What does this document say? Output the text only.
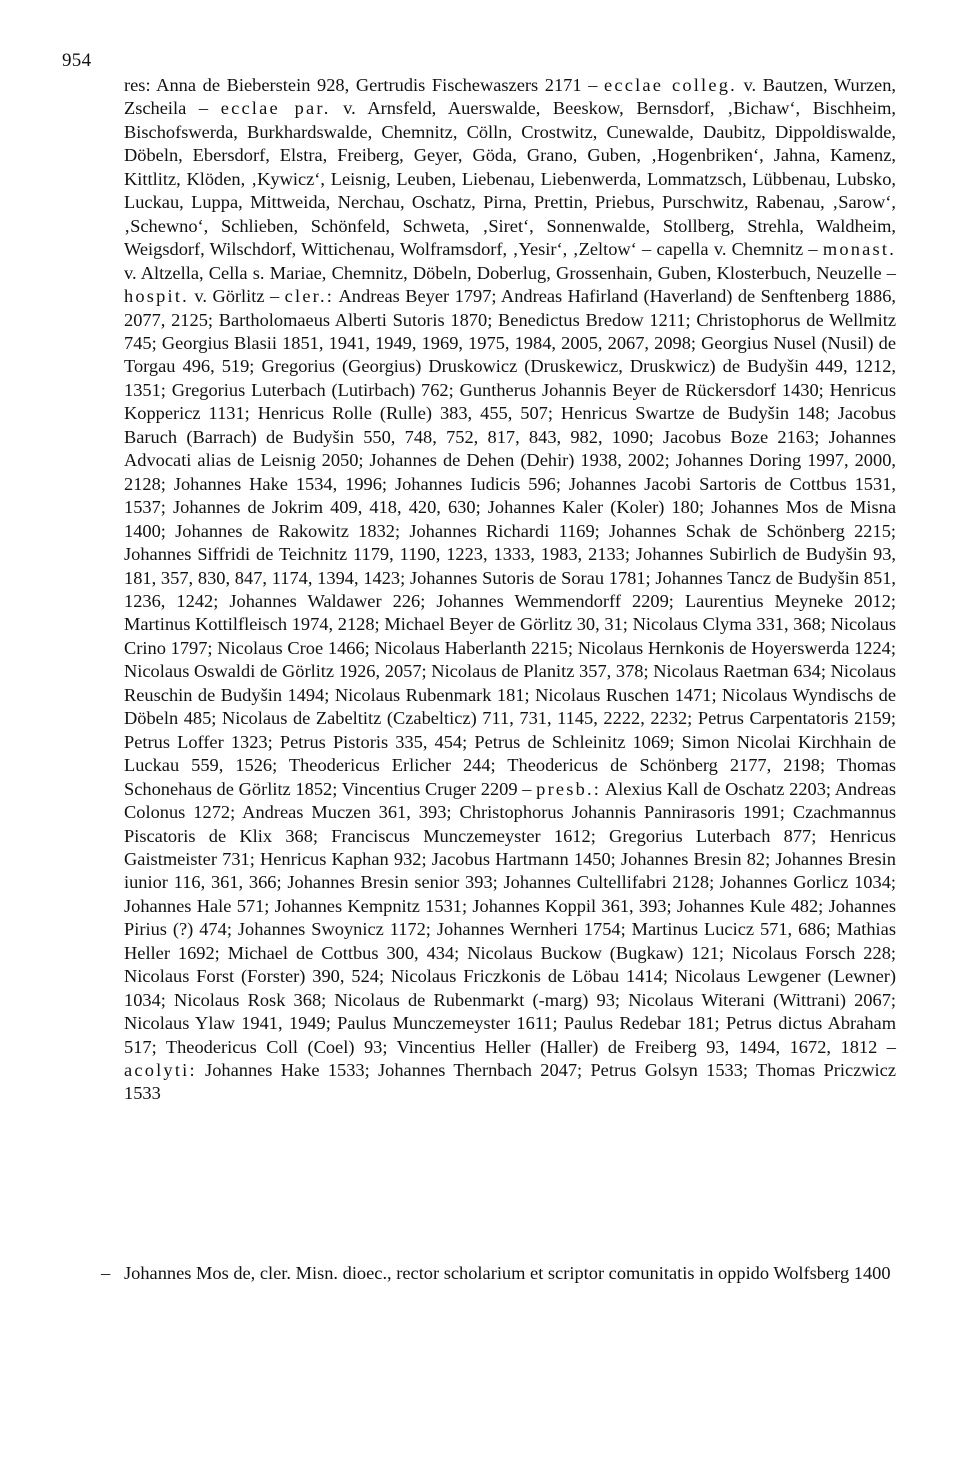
954
res: Anna de Bieberstein 928, Gertrudis Fischewaszers 2171 – ecclae colleg. v. Bautzen, Wurzen, Zscheila – ecclae par. v. Arnsfeld, Auerswalde, Beeskow, Bernsdorf, ‚Bichaw‘, Bischheim, Bischofswerda, Burkhardswalde, Chemnitz, Cölln, Crostwitz, Cunewalde, Daubitz, Dippoldiswalde, Döbeln, Ebersdorf, Elstra, Freiberg, Geyer, Göda, Grano, Guben, ‚Hogenbriken‘, Jahna, Kamenz, Kittlitz, Klöden, ‚Kywicz‘, Leisnig, Leuben, Liebenau, Liebenwerda, Lommatzsch, Lübbenau, Lubsko, Luckau, Luppa, Mittweida, Nerchau, Oschatz, Pirna, Prettin, Priebus, Purschwitz, Rabenau, ‚Sarow‘, ‚Schewno‘, Schlieben, Schönfeld, Schweta, ‚Siret‘, Sonnenwalde, Stollberg, Strehla, Waldheim, Weigsdorf, Wilschdorf, Wittichenau, Wolframsdorf, ‚Yesir‘, ‚Zeltow‘ – capella v. Chemnitz – monast. v. Altzella, Cella s. Mariae, Chemnitz, Döbeln, Doberlug, Grossenhain, Guben, Klosterbuch, Neuzelle – hospit. v. Görlitz – cler.: Andreas Beyer 1797; Andreas Hafirland (Haverland) de Senftenberg 1886, 2077, 2125; Bartholomaeus Alberti Sutoris 1870; Benedictus Bredow 1211; Christophorus de Wellmitz 745; Georgius Blasii 1851, 1941, 1949, 1969, 1975, 1984, 2005, 2067, 2098; Georgius Nusel (Nusil) de Torgau 496, 519; Gregorius (Georgius) Druskowicz (Druskewicz, Druskwicz) de Budyšin 449, 1212, 1351; Gregorius Luterbach (Lutirbach) 762; Guntherus Johannis Beyer de Rückersdorf 1430; Henricus Koppericz 1131; Henricus Rolle (Rulle) 383, 455, 507; Henricus Swartze de Budyšin 148; Jacobus Baruch (Barrach) de Budyšin 550, 748, 752, 817, 843, 982, 1090; Jacobus Boze 2163; Johannes Advocati alias de Leisnig 2050; Johannes de Dehen (Dehir) 1938, 2002; Johannes Doring 1997, 2000, 2128; Johannes Hake 1534, 1996; Johannes Iudicis 596; Johannes Jacobi Sartoris de Cottbus 1531, 1537; Johannes de Jokrim 409, 418, 420, 630; Johannes Kaler (Koler) 180; Johannes Mos de Misna 1400; Johannes de Rakowitz 1832; Johannes Richardi 1169; Johannes Schak de Schönberg 2215; Johannes Siffridi de Teichnitz 1179, 1190, 1223, 1333, 1983, 2133; Johannes Subirlich de Budyšin 93, 181, 357, 830, 847, 1174, 1394, 1423; Johannes Sutoris de Sorau 1781; Johannes Tancz de Budyšin 851, 1236, 1242; Johannes Waldawer 226; Johannes Wemmendorff 2209; Laurentius Meyneke 2012; Martinus Kottilfleisch 1974, 2128; Michael Beyer de Görlitz 30, 31; Nicolaus Clyma 331, 368; Nicolaus Crino 1797; Nicolaus Croe 1466; Nicolaus Haberlanth 2215; Nicolaus Hernkonis de Hoyerswerda 1224; Nicolaus Oswaldi de Görlitz 1926, 2057; Nicolaus de Planitz 357, 378; Nicolaus Raetman 634; Nicolaus Reuschin de Budyšin 1494; Nicolaus Rubenmark 181; Nicolaus Ruschen 1471; Nicolaus Wyndischs de Döbeln 485; Nicolaus de Zabeltitz (Czabelticz) 711, 731, 1145, 2222, 2232; Petrus Carpentatoris 2159; Petrus Loffer 1323; Petrus Pistoris 335, 454; Petrus de Schleinitz 1069; Simon Nicolai Kirchhain de Luckau 559, 1526; Theodericus Erlicher 244; Theodericus de Schönberg 2177, 2198; Thomas Schonehaus de Görlitz 1852; Vincentius Cruger 2209 – presb.: Alexius Kall de Oschatz 2203; Andreas Colonus 1272; Andreas Muczen 361, 393; Christophorus Johannis Pannirasoris 1991; Czachmannus Piscatoris de Klix 368; Franciscus Munczemeyster 1612; Gregorius Luterbach 877; Henricus Gaistmeister 731; Henricus Kaphan 932; Jacobus Hartmann 1450; Johannes Bresin 82; Johannes Bresin iunior 116, 361, 366; Johannes Bresin senior 393; Johannes Cultellifabri 2128; Johannes Gorlicz 1034; Johannes Hale 571; Johannes Kempnitz 1531; Johannes Koppil 361, 393; Johannes Kule 482; Johannes Pirius (?) 474; Johannes Swoynicz 1172; Johannes Wernheri 1754; Martinus Lucicz 571, 686; Mathias Heller 1692; Michael de Cottbus 300, 434; Nicolaus Buckow (Bugkaw) 121; Nicolaus Forsch 228; Nicolaus Forst (Forster) 390, 524; Nicolaus Friczkonis de Löbau 1414; Nicolaus Lewgener (Lewner) 1034; Nicolaus Rosk 368; Nicolaus de Rubenmarkt (-marg) 93; Nicolaus Witerani (Wittrani) 2067; Nicolaus Ylaw 1941, 1949; Paulus Munczemeyster 1611; Paulus Redebar 181; Petrus dictus Abraham 517; Theodericus Coll (Coel) 93; Vincentius Heller (Haller) de Freiberg 93, 1494, 1672, 1812 – acolyti: Johannes Hake 1533; Johannes Thernbach 2047; Petrus Golsyn 1533; Thomas Priczwicz 1533
– Johannes Mos de, cler. Misn. dioec., rector scholarium et scriptor comunitatis in oppido Wolfsberg 1400
